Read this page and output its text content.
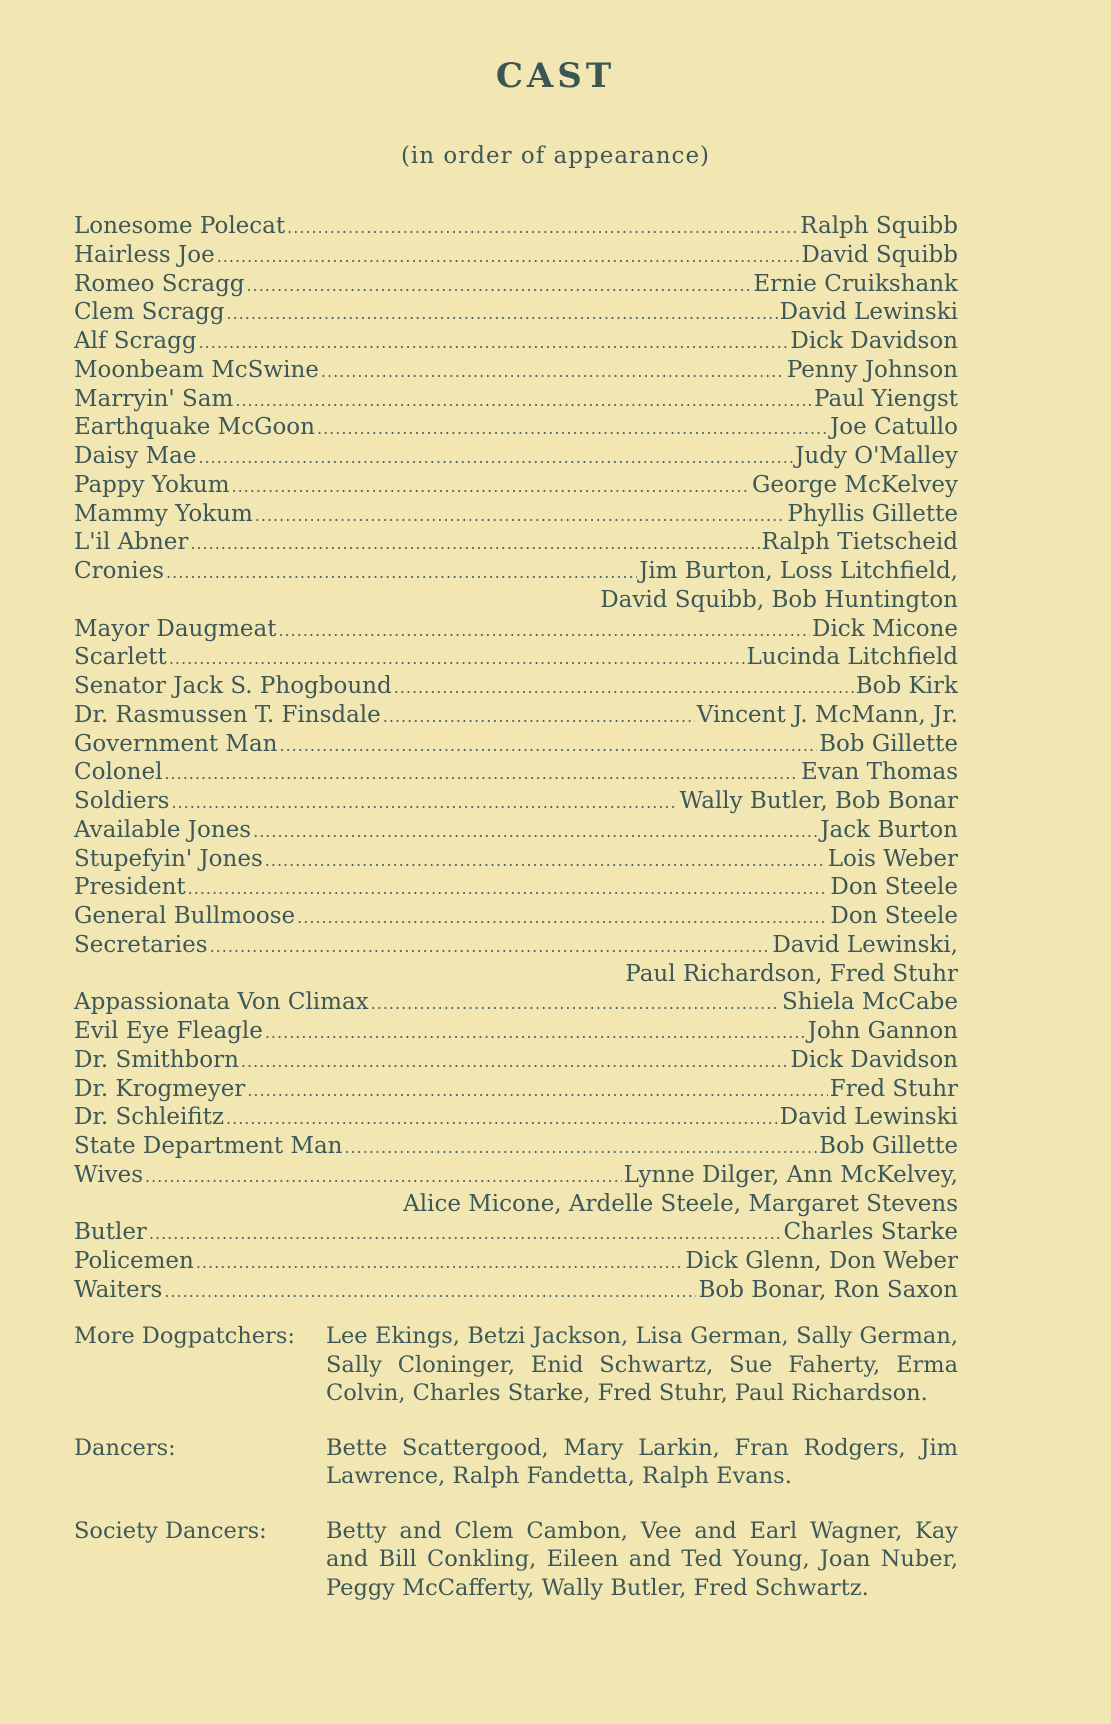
CAST
(in order of appearance)
Lonesome Polecat .....	Ralph Squibb
Hairless Joe .....	David Squibb
Romeo Scragg .....	Ernie Cruikshank
Clem Scragg .....	David Lewinski
Alf Scragg .....	Dick Davidson
Moonbeam McSwine .....	Penny Johnson
Marryin' Sam .....	Paul Yiengst
Earthquake McGoon .....	Joe Catullo
Daisy Mae .....	Judy O'Malley
Pappy Yokum .....	George McKelvey
Mammy Yokum .....	Phyllis Gillette
L'il Abner .....	Ralph Tietscheid
Cronies .....	Jim Burton, Loss Litchfield,
David Squibb, Bob Huntington
Mayor Daugmeat .....	Dick Micone
Scarlett .....	Lucinda Litchfield
Senator Jack S. Phogbound .....	Bob Kirk
Dr. Rasmussen T. Finsdale .....	Vincent J. McMann, Jr.
Government Man .....	Bob Gillette
Colonel .....	Evan Thomas
Soldiers .....	Wally Butler, Bob Bonar
Available Jones .....	Jack Burton
Stupefyin' Jones .....	Lois Weber
President .....	Don Steele
General Bullmoose .....	Don Steele
Secretaries .....	David Lewinski,
Paul Richardson, Fred Stuhr
Appassionata Von Climax .....	Shiela McCabe
Evil Eye Fleagle .....	John Gannon
Dr. Smithborn .....	Dick Davidson
Dr. Krogmeyer .....	Fred Stuhr
Dr. Schleifitz .....	David Lewinski
State Department Man .....	Bob Gillette
Wives .....	Lynne Dilger, Ann McKelvey,
Alice Micone, Ardelle Steele, Margaret Stevens
Butler .....	Charles Starke
Policemen .....	Dick Glenn, Don Weber
Waiters .....	Bob Bonar, Ron Saxon
More Dogpatchers:	Lee Ekings, Betzi Jackson, Lisa German, Sally German, Sally Cloninger, Enid Schwartz, Sue Faherty, Erma Colvin, Charles Starke, Fred Stuhr, Paul Richardson.
Dancers:	Bette Scattergood, Mary Larkin, Fran Rodgers, Jim Lawrence, Ralph Fandetta, Ralph Evans.
Society Dancers:	Betty and Clem Cambon, Vee and Earl Wagner, Kay and Bill Conkling, Eileen and Ted Young, Joan Nuber, Peggy McCafferty, Wally Butler, Fred Schwartz.
